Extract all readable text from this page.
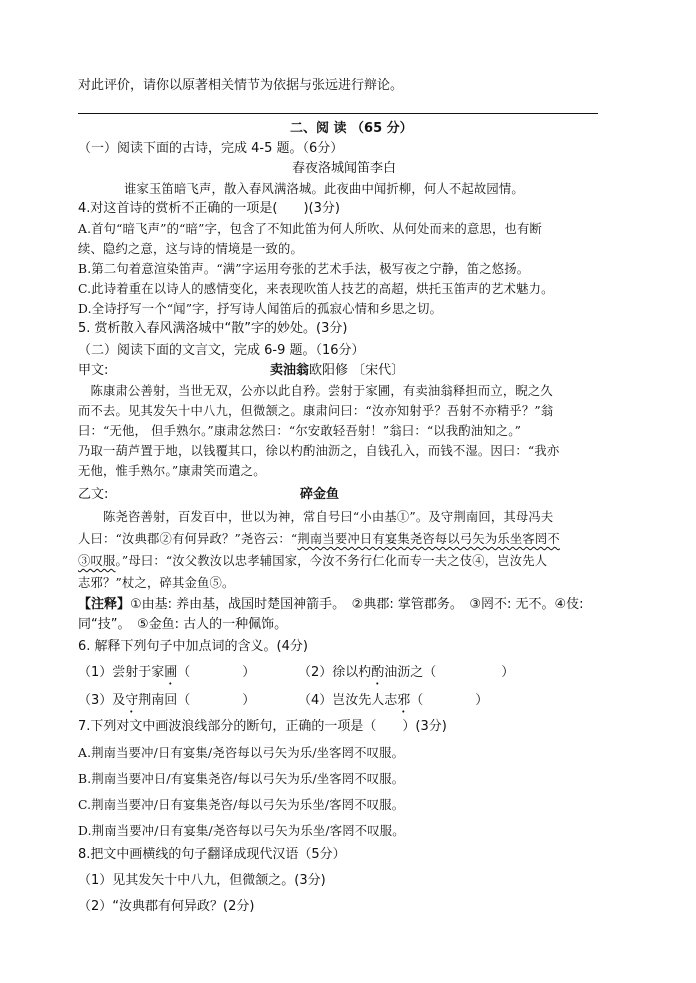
对此评价，请你以原著相关情节为依据与张远进行辩论。
二、阅 读 （65 分）
（一）阅读下面的古诗，完成 4-5 题。（6分）
春夜洛城闻笛李白
谁家玉笛暗飞声，散入春风满洛城。此夜曲中闻折柳，何人不起故园情。
4.对这首诗的赏析不正确的一项是(　　)(3分)
A.首句“暗飞声”的“暗”字，包含了不知此笛为何人所吹、从何处而来的意思，也有断
续、隐约之意，这与诗的情境是一致的。
B.第二句着意渲染笛声。“满”字运用夸张的艺术手法，极写夜之宁静，笛之悠扬。
C.此诗着重在以诗人的感情变化，来表现吹笛人技艺的高超，烘托玉笛声的艺术魅力。
D.全诗抒写一个“闻”字，抒写诗人闻笛后的孤寂心情和乡思之切。
5. 赏析散入春风满洛城中“散”字的妙处。(3分)
（二）阅读下面的文言文，完成 6-9 题。（16分）
甲文:	卖油翁欧阳修 〔宋代〕
　陈康肃公善射，当世无双，公亦以此自矜。尝射于家圃，有卖油翁释担而立，睨之久
而不去。见其发矢十中八九，但微颔之。康肃问曰：“汝亦知射乎？吾射不亦精乎？”翁
曰：“无他， 但手熟尔。”康肃忿然曰：“尔安敢轻吾射！”翁曰：“以我酌油知之。”
乃取一葫芦置于地，以钱覆其口，徐以杓酌油沥之，自钱孔入，而钱不湿。因曰：“我亦
无他，惟手熟尔。”康肃笑而遣之。
乙文:	碎金鱼
　　陈尧咨善射，百发百中，世以为神，常自号曰“小由基①”。及守荆南回，其母冯夫
人曰：“汝典郡②有何异政？”尧咨云：“荆南当要冲日有宴集尧咨每以弓矢为乐坐客罔不
③叹服。”母曰：“汝父教汝以忠孝辅国家，今汝不务行仁化而专一夫之伎④，岂汝先人
志邪？”杖之，碎其金鱼⑤。
【注释】①由基: 养由基，战国时楚国神箭手。　②典郡: 掌管郡务。　③罔不: 无不。④伎:
同“技”。　⑤金鱼: 古人的一种佩饰。
6. 解释下列句子中加点词的含义。(4分)
（1）尝射于家圃（　　　　）	（2）徐以杓酌油沥之（　　　　　）
（3）及守荆南回（　　　　）	（4）岂汝先人志邪（　　　　）
7.下列对文中画波浪线部分的断句，正确的一项是（　　）(3分)
A.荆南当要冲/日有宴集/尧咨每以弓矢为乐/坐客罔不叹服。
B.荆南当要冲日/有宴集尧咨/每以弓矢为乐/坐客罔不叹服。
C.荆南当要冲/日有宴集尧咨/每以弓矢为乐坐/客罔不叹服。
D.荆南当要冲/日有宴集/尧咨每以弓矢为乐坐/客罔不叹服。
8.把文中画横线的句子翻译成现代汉语（5分）
（1）见其发矢十中八九，但微颔之。(3分)
（2）“汝典郡有何异政？(2分)
